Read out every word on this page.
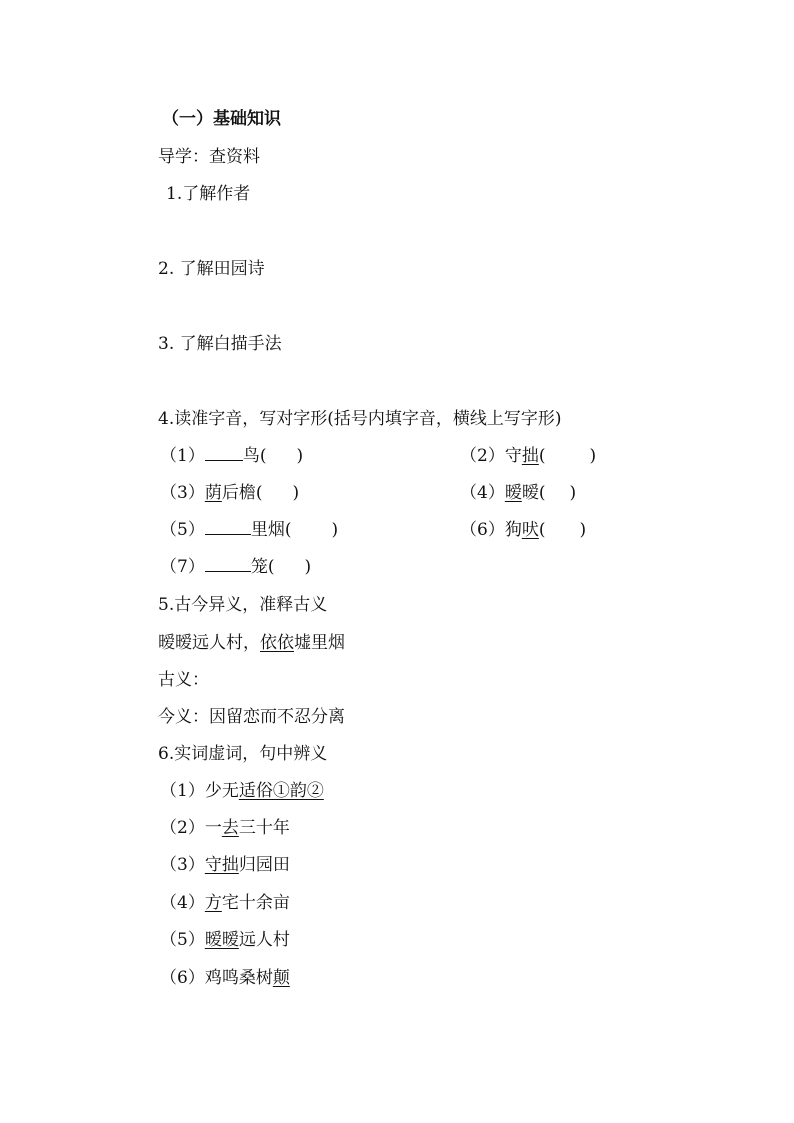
（一）基础知识
导学：查资料
1.了解作者
2. 了解田园诗
3. 了解白描手法
4.读准字音，写对字形(括号内填字音，横线上写字形)
（1） 鸟( )	（2）守拙(	)
（3）荫后檐( )	（4）暧暧( )
（5）	里烟( )	（6）狗吠( )
（7）	笼( )
5.古今异义，准释古义
暧暧远人村，依依墟里烟
古义：
今义：因留恋而不忍分离
6.实词虚词，句中辨义
（1）少无适俗①韵②
（2）一去三十年
（3）守拙归园田
（4）方宅十余亩
（5）暧暧远人村
（6）鸡鸣桑树颠
